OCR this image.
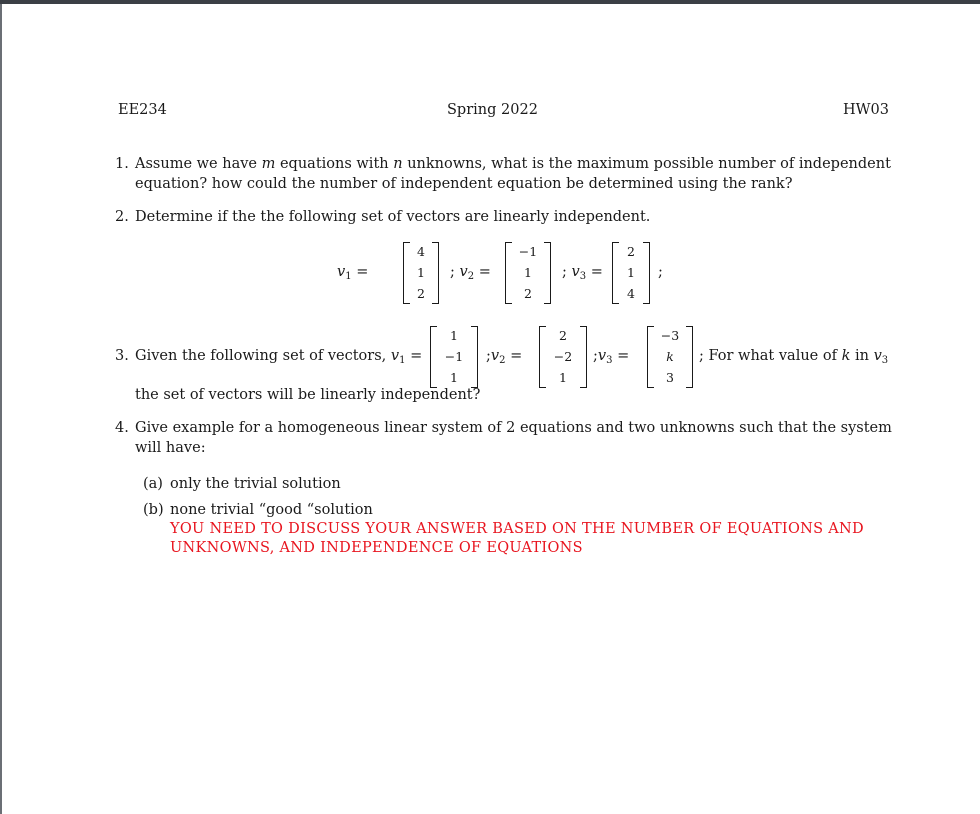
EE234	Spring 2022	HW03
1. Assume we have m equations with n unknowns, what is the maximum possible number of independent
equation? how could the number of independent equation be determined using the rank?
2. Determine if the the following set of vectors are linearly independent.
$v_1$ =
4
1
2
; $v_2$ =
−1
1
2
; $v_3$ =
2
1
4
;
3. Given the following set of vectors, $v_1$ =
1
−1
1
$;v_2$ =
2
−2
1
$;v_3$ =
−3
k
3
; For what value of k in $v_3$
the set of vectors will be linearly independent?
4. Give example for a homogeneous linear system of 2 equations and two unknowns such that the system
will have:
(a) only the trivial solution
(b) none trivial “good “solution
YOU NEED TO DISCUSS YOUR ANSWER BASED ON THE NUMBER OF EQUATIONS AND
UNKNOWNS, AND INDEPENDENCE OF EQUATIONS
